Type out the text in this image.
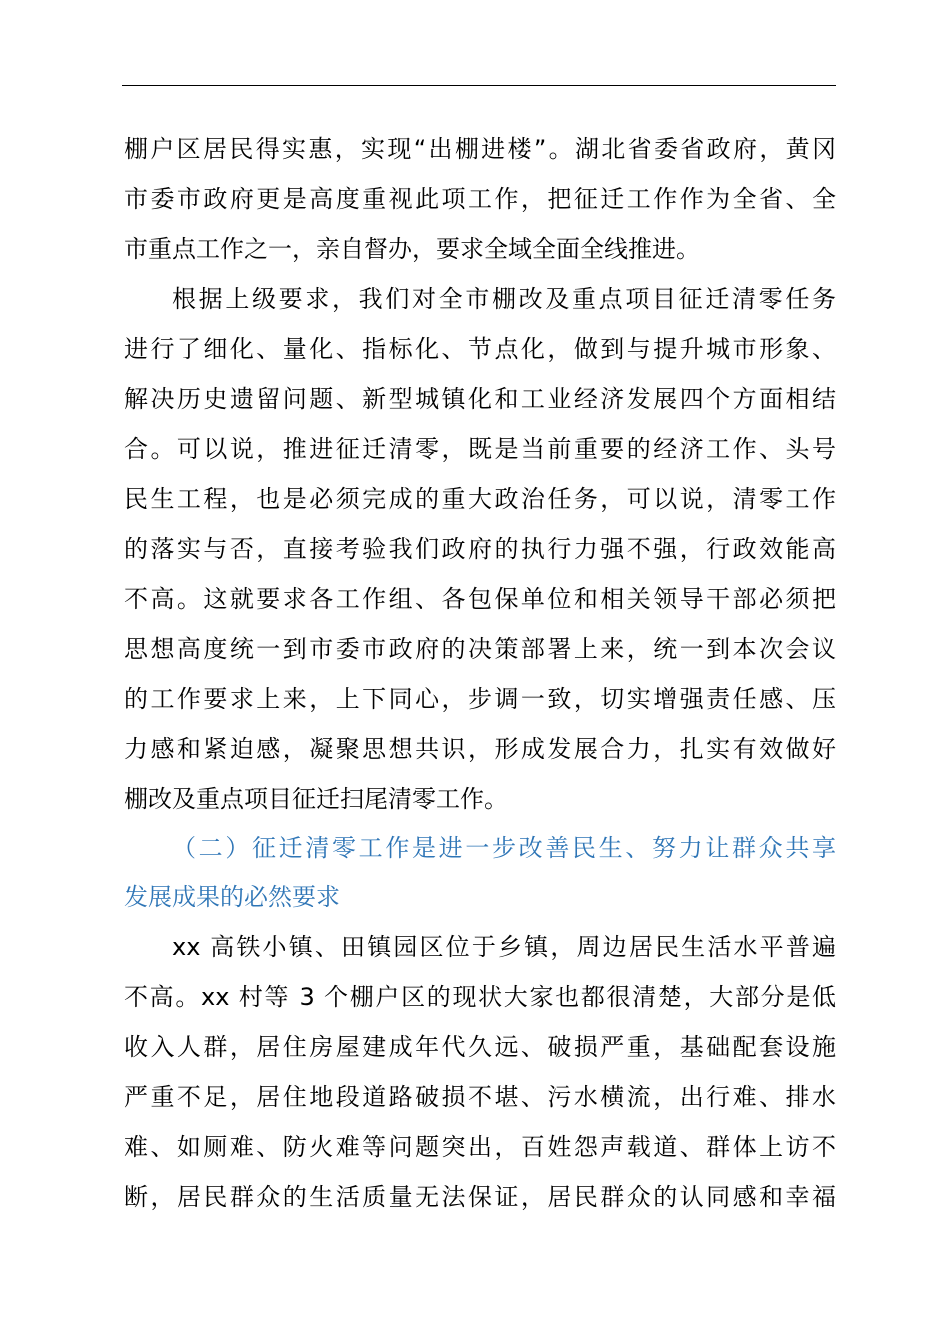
棚户区居民得实惠，实现“出棚进楼”。湖北省委省政府，黄冈
市委市政府更是高度重视此项工作，把征迁工作作为全省、全
市重点工作之一，亲自督办，要求全域全面全线推进。
根据上级要求，我们对全市棚改及重点项目征迁清零任务
进行了细化、量化、指标化、节点化，做到与提升城市形象、
解决历史遗留问题、新型城镇化和工业经济发展四个方面相结
合。可以说，推进征迁清零，既是当前重要的经济工作、头号
民生工程，也是必须完成的重大政治任务，可以说，清零工作
的落实与否，直接考验我们政府的执行力强不强，行政效能高
不高。这就要求各工作组、各包保单位和相关领导干部必须把
思想高度统一到市委市政府的决策部署上来，统一到本次会议
的工作要求上来，上下同心，步调一致，切实增强责任感、压
力感和紧迫感，凝聚思想共识，形成发展合力，扎实有效做好
棚改及重点项目征迁扫尾清零工作。
（二）征迁清零工作是进一步改善民生、努力让群众共享
发展成果的必然要求
xx 高铁小镇、田镇园区位于乡镇，周边居民生活水平普遍
不高。xx 村等 3 个棚户区的现状大家也都很清楚，大部分是低
收入人群，居住房屋建成年代久远、破损严重，基础配套设施
严重不足，居住地段道路破损不堪、污水横流，出行难、排水
难、如厕难、防火难等问题突出，百姓怨声载道、群体上访不
断，居民群众的生活质量无法保证，居民群众的认同感和幸福
